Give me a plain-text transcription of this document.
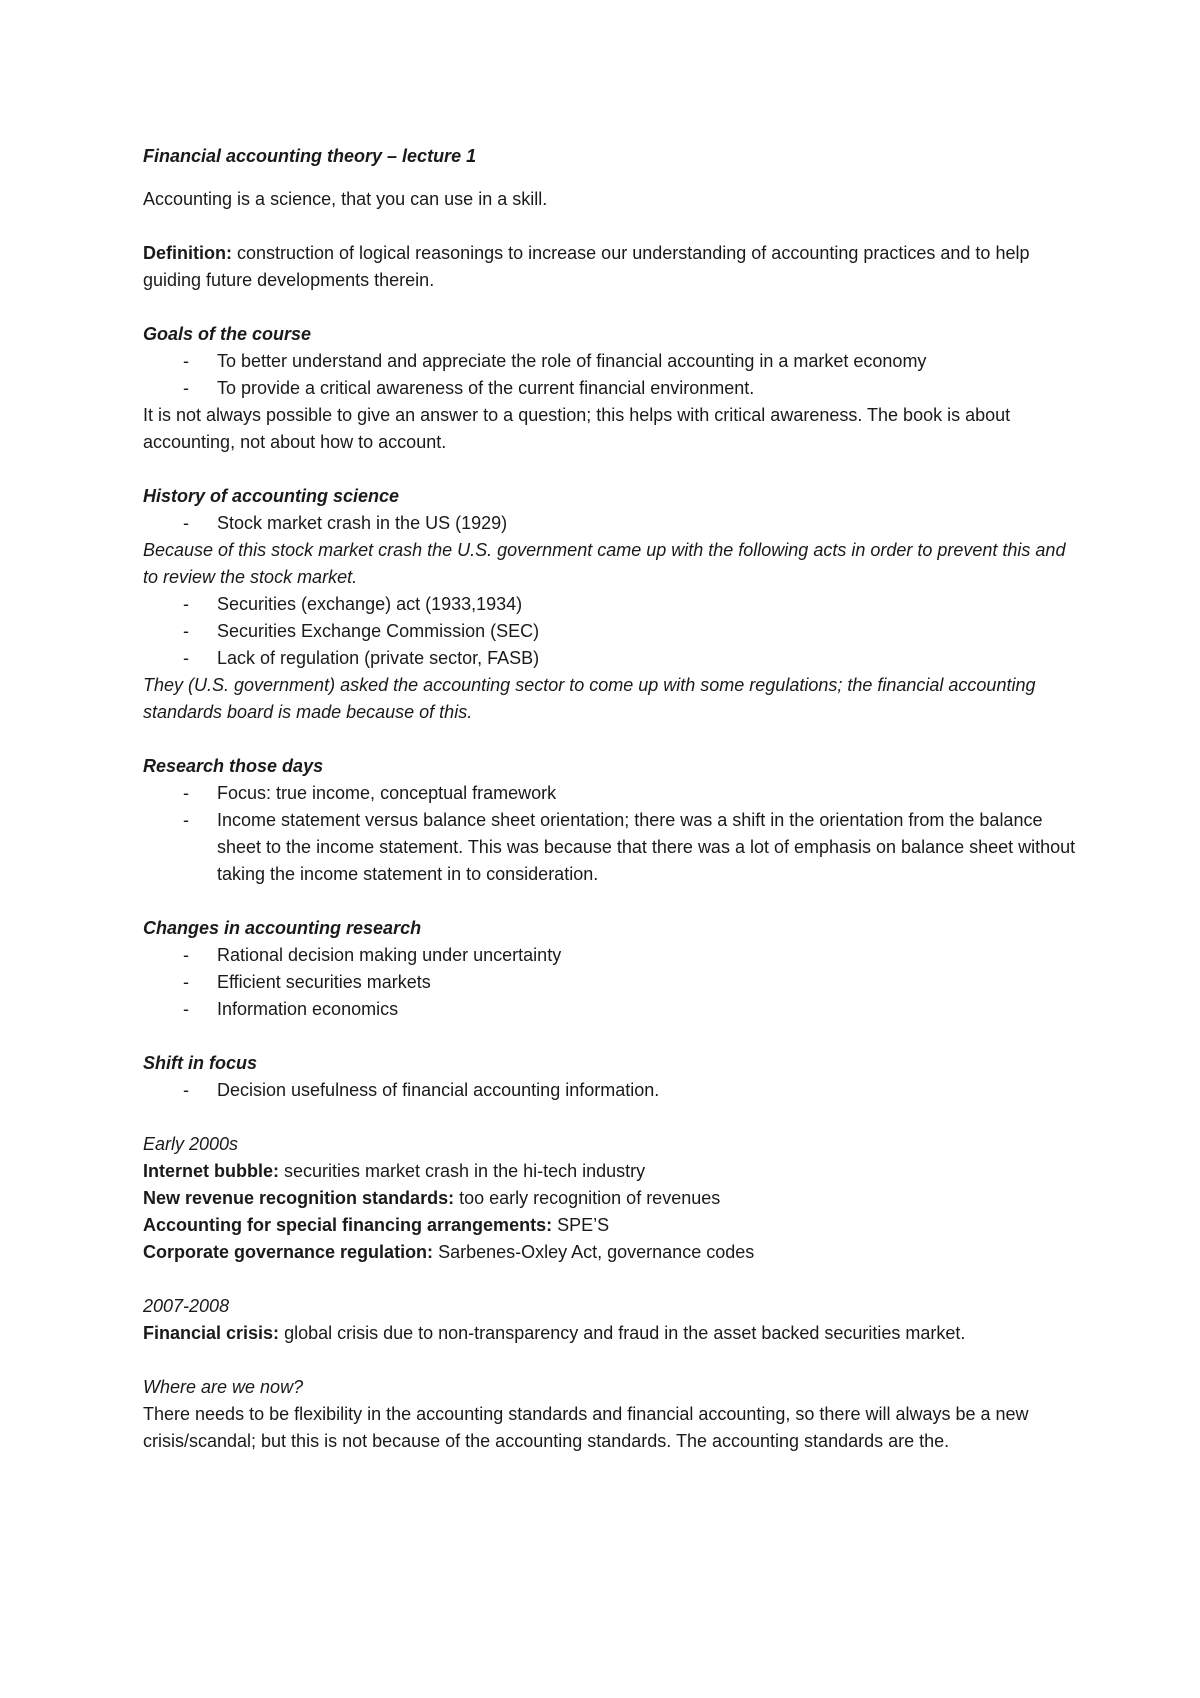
Financial accounting theory – lecture 1

Accounting is a science, that you can use in a skill.

Definition: construction of logical reasonings to increase our understanding of accounting practices and to help guiding future developments therein.

Goals of the course

- To better understand and appreciate the role of financial accounting in a market economy
- To provide a critical awareness of the current financial environment.

It is not always possible to give an answer to a question; this helps with critical awareness. The book is about accounting, not about how to account.

History of accounting science

- Stock market crash in the US (1929)

Because of this stock market crash the U.S. government came up with the following acts in order to prevent this and to review the stock market.

- Securities (exchange) act (1933,1934)
- Securities Exchange Commission (SEC)
- Lack of regulation (private sector, FASB)

They (U.S. government) asked the accounting sector to come up with some regulations; the financial accounting standards board is made because of this.

Research those days

- Focus: true income, conceptual framework
- Income statement versus balance sheet orientation; there was a shift in the orientation from the balance sheet to the income statement. This was because that there was a lot of emphasis on balance sheet without taking the income statement in to consideration.

Changes in accounting research

- Rational decision making under uncertainty
- Efficient securities markets
- Information economics

Shift in focus

- Decision usefulness of financial accounting information.

Early 2000s

Internet bubble: securities market crash in the hi-tech industry

New revenue recognition standards: too early recognition of revenues

Accounting for special financing arrangements: SPE’S

Corporate governance regulation: Sarbenes-Oxley Act, governance codes

2007-2008

Financial crisis: global crisis due to non-transparency and fraud in the asset backed securities market.

Where are we now?

There needs to be flexibility in the accounting standards and financial accounting, so there will always be a new crisis/scandal; but this is not because of the accounting standards. The accounting standards are the.
